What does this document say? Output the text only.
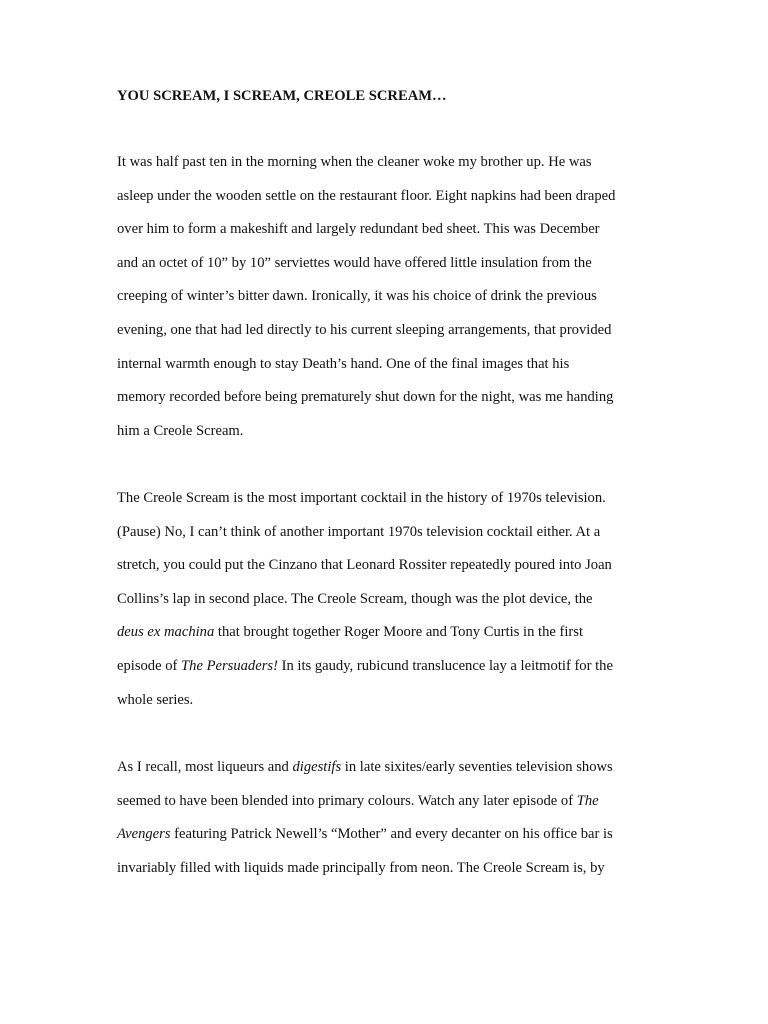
YOU SCREAM, I SCREAM, CREOLE SCREAM…
It was half past ten in the morning when the cleaner woke my brother up. He was
asleep under the wooden settle on the restaurant floor. Eight napkins had been draped
over him to form a makeshift and largely redundant bed sheet. This was December
and an octet of 10” by 10” serviettes would have offered little insulation from the
creeping of winter’s bitter dawn. Ironically, it was his choice of drink the previous
evening, one that had led directly to his current sleeping arrangements, that provided
internal warmth enough to stay Death’s hand. One of the final images that his
memory recorded before being prematurely shut down for the night, was me handing
him a Creole Scream.
The Creole Scream is the most important cocktail in the history of 1970s television.
(Pause) No, I can’t think of another important 1970s television cocktail either. At a
stretch, you could put the Cinzano that Leonard Rossiter repeatedly poured into Joan
Collins’s lap in second place. The Creole Scream, though was the plot device, the
deus ex machina that brought together Roger Moore and Tony Curtis in the first
episode of The Persuaders! In its gaudy, rubicund translucence lay a leitmotif for the
whole series.
As I recall, most liqueurs and digestifs in late sixites/early seventies television shows
seemed to have been blended into primary colours. Watch any later episode of The
Avengers featuring Patrick Newell’s “Mother” and every decanter on his office bar is
invariably filled with liquids made principally from neon. The Creole Scream is, by
